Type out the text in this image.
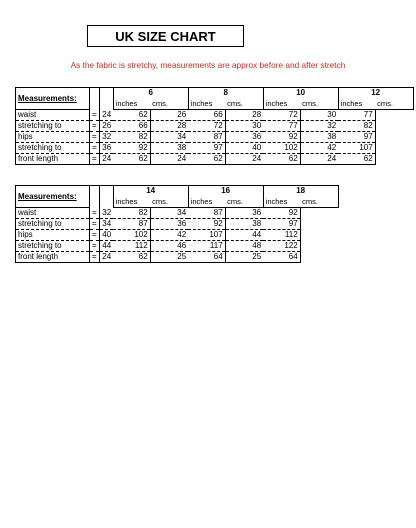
UK SIZE CHART
As the fabric is stretchy, measurements are approx before and after stretch
Measurements:			6		8		10		12	
			inches	cms.	inches	cms.	inches	cms.	inches	cms.
waist	=	24	62	26	66	28	72	30	77	
stretching to	=	26	66	28	72	30	77	32	82	
hips	=	32	82	34	87	36	92	38	97	
stretching to	=	36	92	38	97	40	102	42	107	
front length	=	24	62	24	62	24	62	24	62	
Measurements:			14		16		18	
			inches	cms.	inches	cms.	inches	cms.
waist	=	32	82	34	87	36	92	
stretching to	=	34	87	36	92	38	97	
hips	=	40	102	42	107	44	112	
stretching to	=	44	112	46	117	48	122	
front length	=	24	62	25	64	25	64	
